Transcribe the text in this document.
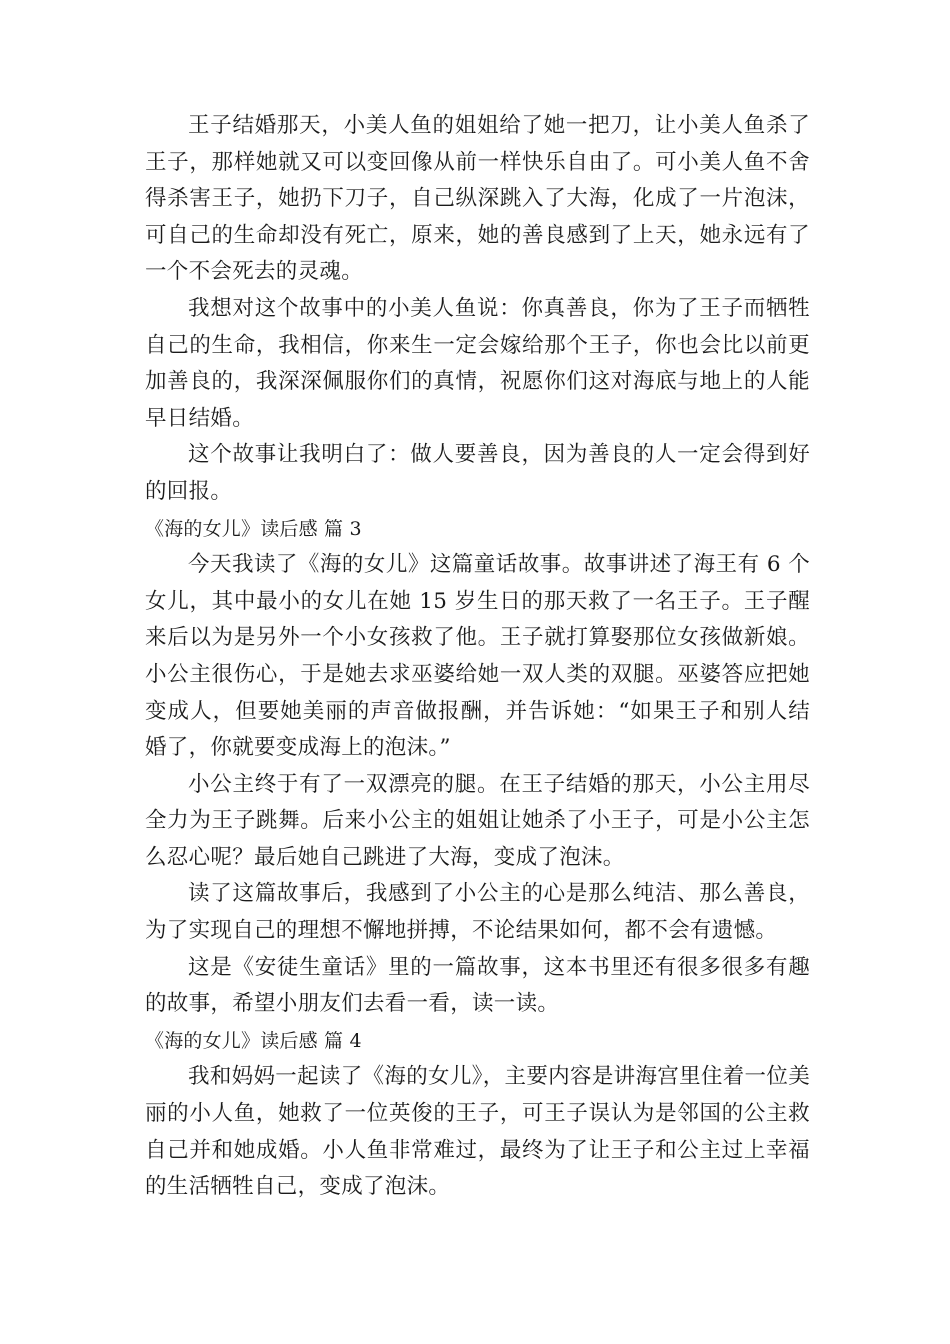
王子结婚那天，小美人鱼的姐姐给了她一把刀，让小美人鱼杀了王子，那样她就又可以变回像从前一样快乐自由了。可小美人鱼不舍得杀害王子，她扔下刀子，自己纵深跳入了大海，化成了一片泡沫，可自己的生命却没有死亡，原来，她的善良感到了上天，她永远有了一个不会死去的灵魂。

我想对这个故事中的小美人鱼说：你真善良，你为了王子而牺牲自己的生命，我相信，你来生一定会嫁给那个王子，你也会比以前更加善良的，我深深佩服你们的真情，祝愿你们这对海底与地上的人能早日结婚。

这个故事让我明白了：做人要善良，因为善良的人一定会得到好的回报。

《海的女儿》读后感 篇 3

今天我读了《海的女儿》这篇童话故事。故事讲述了海王有 6 个女儿，其中最小的女儿在她 15 岁生日的那天救了一名王子。王子醒来后以为是另外一个小女孩救了他。王子就打算娶那位女孩做新娘。小公主很伤心，于是她去求巫婆给她一双人类的双腿。巫婆答应把她变成人，但要她美丽的声音做报酬，并告诉她：“如果王子和别人结婚了，你就要变成海上的泡沫。”

小公主终于有了一双漂亮的腿。在王子结婚的那天，小公主用尽全力为王子跳舞。后来小公主的姐姐让她杀了小王子，可是小公主怎么忍心呢？最后她自己跳进了大海，变成了泡沫。

读了这篇故事后，我感到了小公主的心是那么纯洁、那么善良，为了实现自己的理想不懈地拼搏，不论结果如何，都不会有遗憾。

这是《安徒生童话》里的一篇故事，这本书里还有很多很多有趣的故事，希望小朋友们去看一看，读一读。

《海的女儿》读后感 篇 4

我和妈妈一起读了《海的女儿》，主要内容是讲海宫里住着一位美丽的小人鱼，她救了一位英俊的王子，可王子误认为是邻国的公主救自己并和她成婚。小人鱼非常难过，最终为了让王子和公主过上幸福的生活牺牲自己，变成了泡沫。
